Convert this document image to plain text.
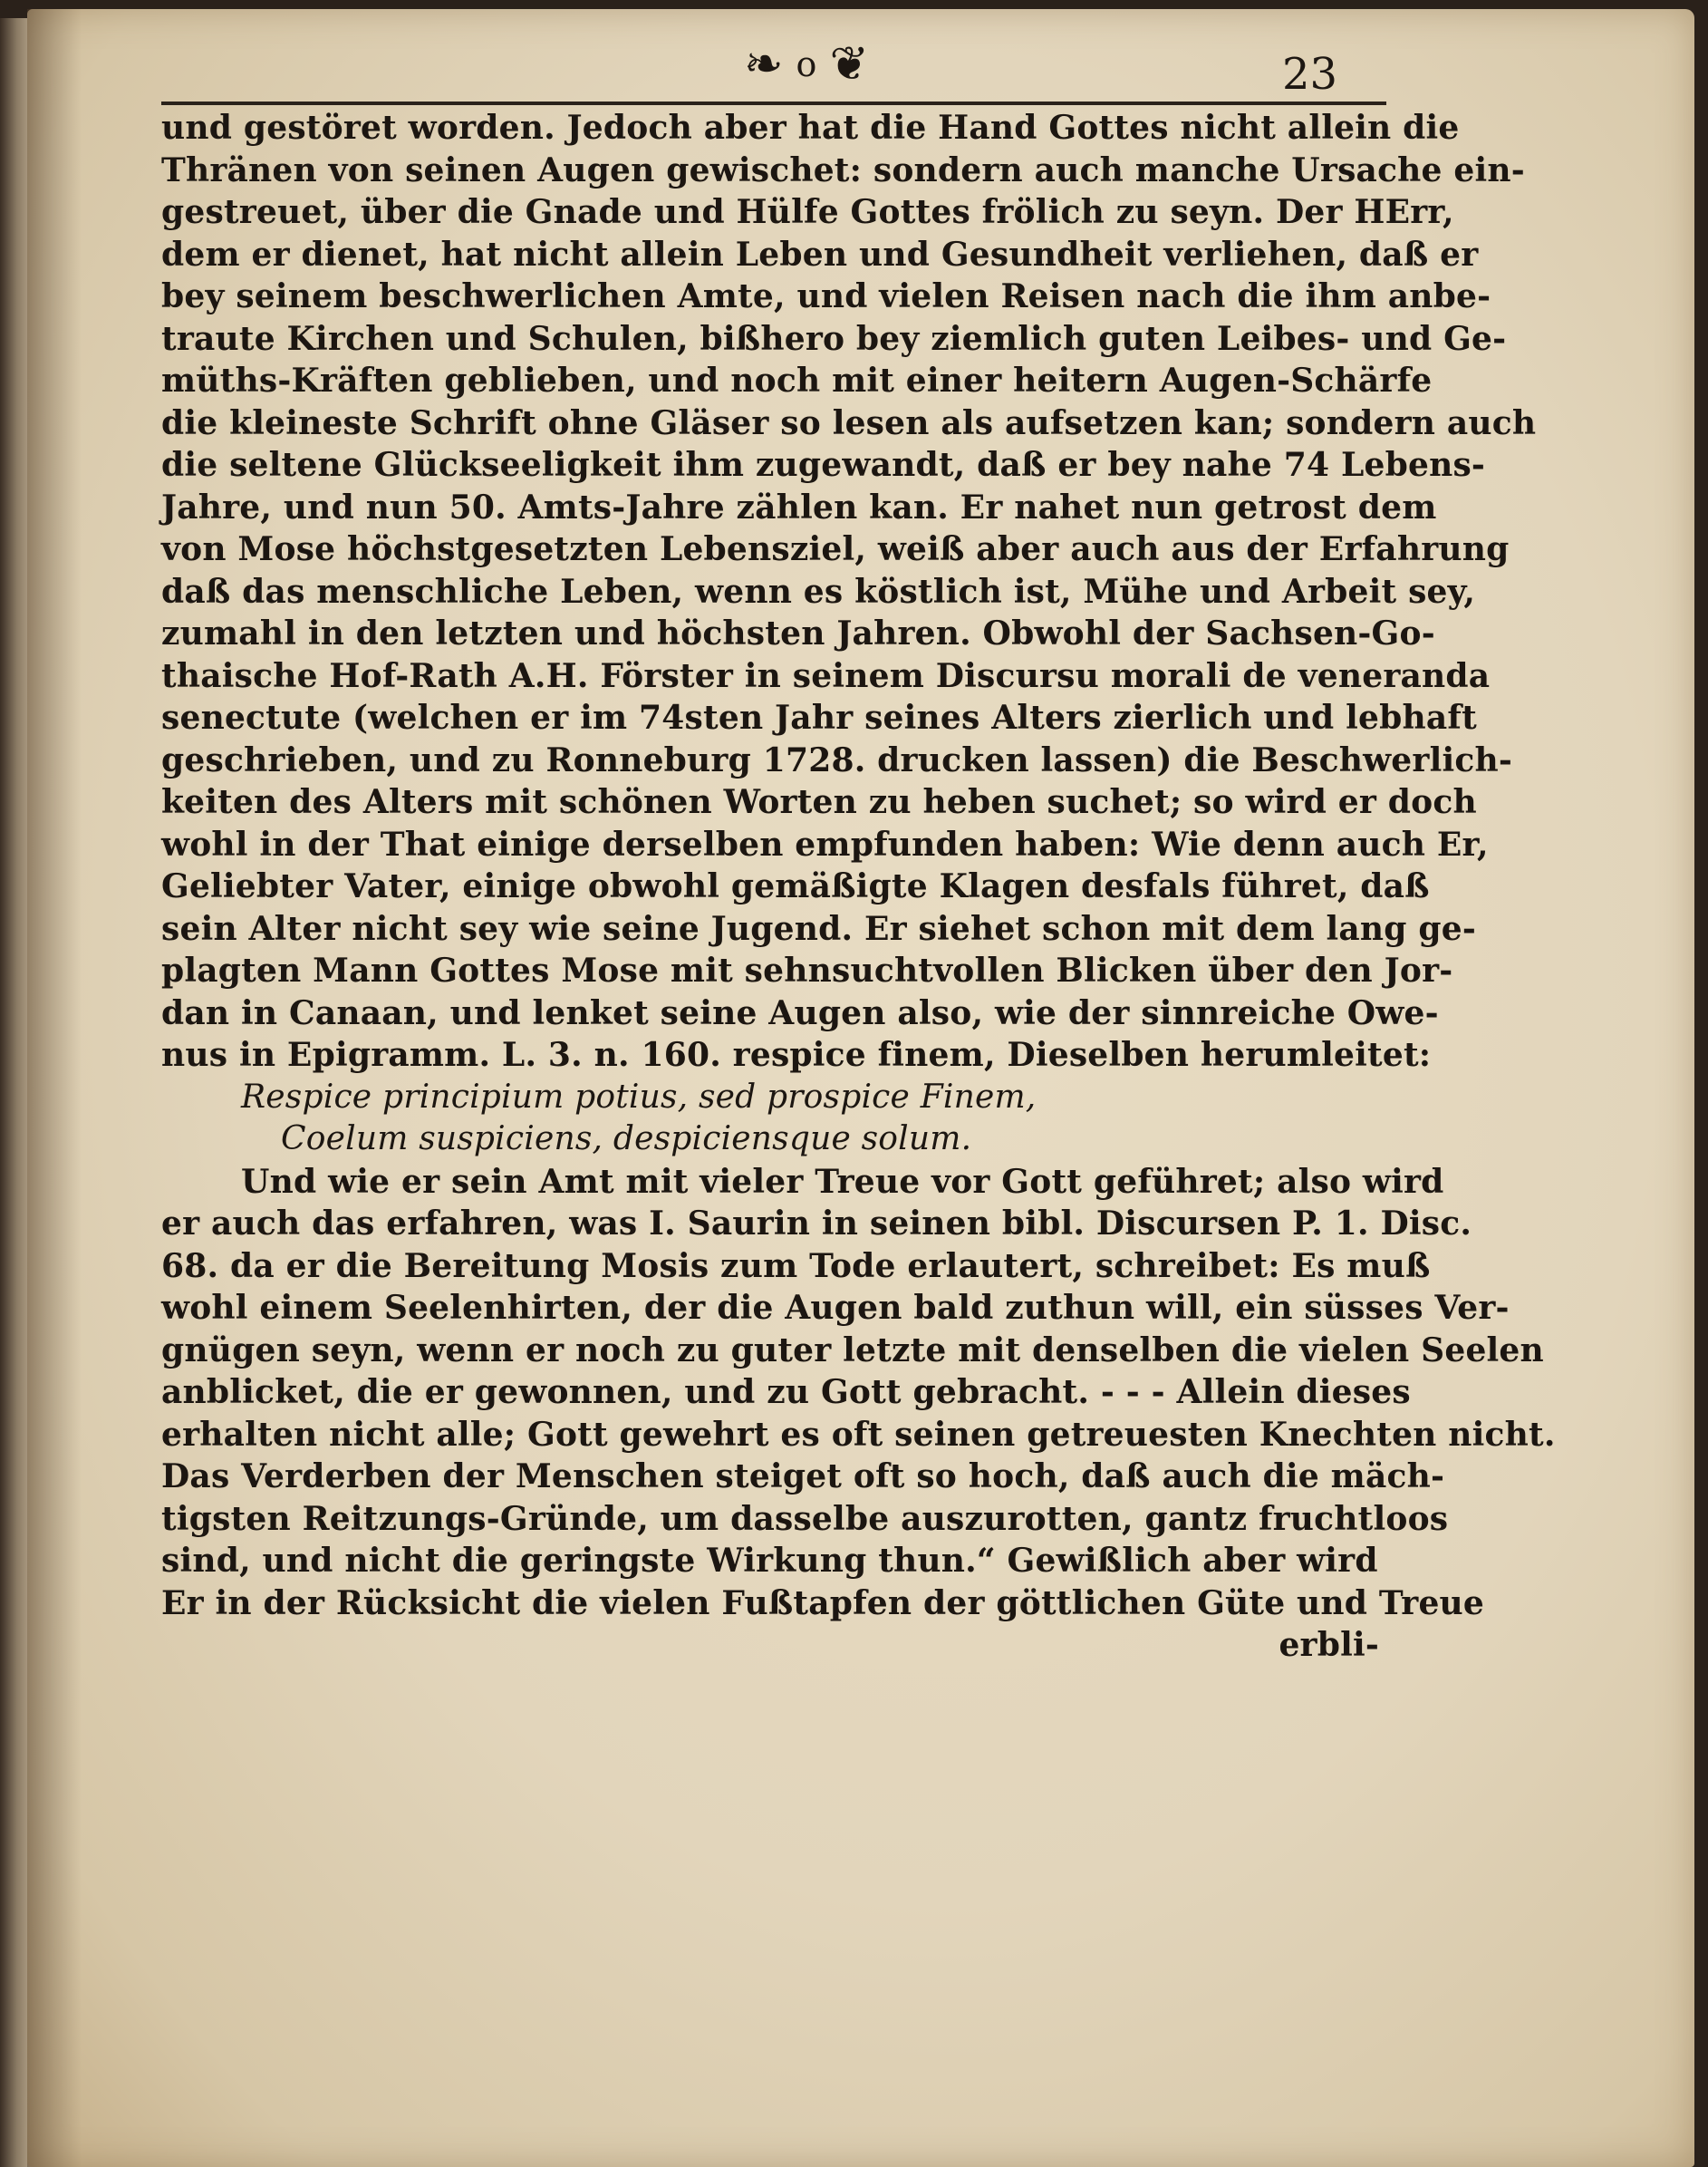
❧ o ❦	23
und gestöret worden. Jedoch aber hat die Hand Gottes nicht allein die
Thränen von seinen Augen gewischet: sondern auch manche Ursache ein-
gestreuet, über die Gnade und Hülfe Gottes frölich zu seyn. Der HErr,
dem er dienet, hat nicht allein Leben und Gesundheit verliehen, daß er
bey seinem beschwerlichen Amte, und vielen Reisen nach die ihm anbe-
traute Kirchen und Schulen, bißhero bey ziemlich guten Leibes- und Ge-
müths-Kräften geblieben, und noch mit einer heitern Augen-Schärfe
die kleineste Schrift ohne Gläser so lesen als aufsetzen kan; sondern auch
die seltene Glückseeligkeit ihm zugewandt, daß er bey nahe 74 Lebens-
Jahre, und nun 50. Amts-Jahre zählen kan. Er nahet nun getrost dem
von Mose höchstgesetzten Lebensziel, weiß aber auch aus der Erfahrung
daß das menschliche Leben, wenn es köstlich ist, Mühe und Arbeit sey,
zumahl in den letzten und höchsten Jahren. Obwohl der Sachsen-Go-
thaische Hof-Rath A.H. Förster in seinem Discursu morali de veneranda
senectute (welchen er im 74sten Jahr seines Alters zierlich und lebhaft
geschrieben, und zu Ronneburg 1728. drucken lassen) die Beschwerlich-
keiten des Alters mit schönen Worten zu heben suchet; so wird er doch
wohl in der That einige derselben empfunden haben: Wie denn auch Er,
Geliebter Vater, einige obwohl gemäßigte Klagen desfals führet, daß
sein Alter nicht sey wie seine Jugend. Er siehet schon mit dem lang ge-
plagten Mann Gottes Mose mit sehnsuchtvollen Blicken über den Jor-
dan in Canaan, und lenket seine Augen also, wie der sinnreiche Owe-
nus in Epigramm. L. 3. n. 160. respice finem, Dieselben herumleitet:
Respice principium potius, sed prospice Finem,
Coelum suspiciens, despiciensque solum.
Und wie er sein Amt mit vieler Treue vor Gott geführet; also wird
er auch das erfahren, was I. Saurin in seinen bibl. Discursen P. 1. Disc.
68. da er die Bereitung Mosis zum Tode erlautert, schreibet: Es muß
wohl einem Seelenhirten, der die Augen bald zuthun will, ein süsses Ver-
gnügen seyn, wenn er noch zu guter letzte mit denselben die vielen Seelen
anblicket, die er gewonnen, und zu Gott gebracht. - - - Allein dieses
erhalten nicht alle; Gott gewehrt es oft seinen getreuesten Knechten nicht.
Das Verderben der Menschen steiget oft so hoch, daß auch die mäch-
tigsten Reitzungs-Gründe, um dasselbe auszurotten, gantz fruchtloos
sind, und nicht die geringste Wirkung thun.“ Gewißlich aber wird
Er in der Rücksicht die vielen Fußtapfen der göttlichen Güte und Treue
erbli-
